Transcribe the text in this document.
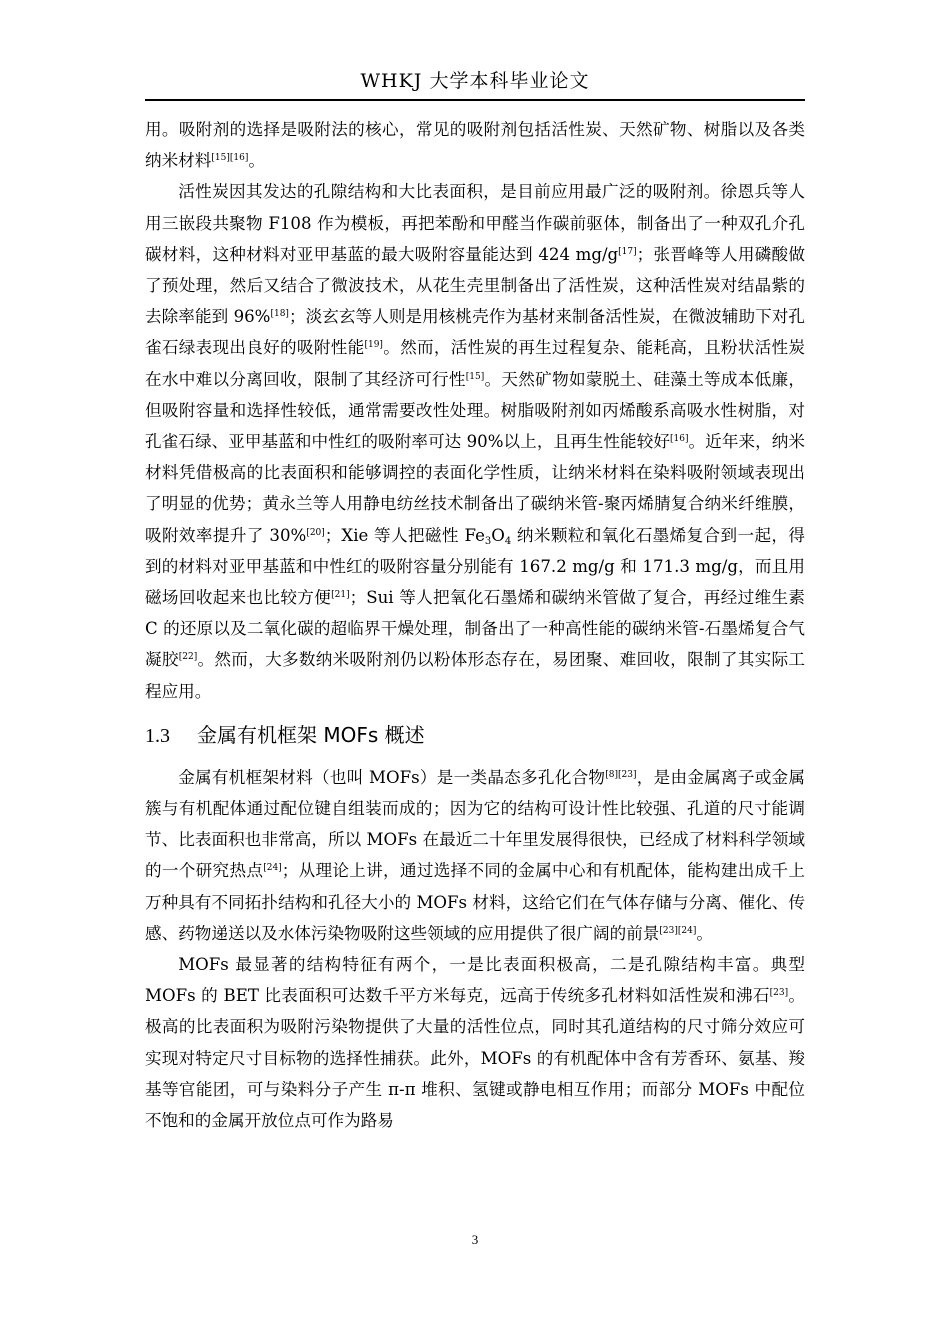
WHKJ 大学本科毕业论文

用。吸附剂的选择是吸附法的核心，常见的吸附剂包括活性炭、天然矿物、树脂以及各类纳米材料[15][16]。

活性炭因其发达的孔隙结构和大比表面积，是目前应用最广泛的吸附剂。徐恩兵等人用三嵌段共聚物 F108 作为模板，再把苯酚和甲醛当作碳前驱体，制备出了一种双孔介孔碳材料，这种材料对亚甲基蓝的最大吸附容量能达到 424 mg/g[17]；张晋峰等人用磷酸做了预处理，然后又结合了微波技术，从花生壳里制备出了活性炭，这种活性炭对结晶紫的去除率能到 96%[18]；淡玄玄等人则是用核桃壳作为基材来制备活性炭，在微波辅助下对孔雀石绿表现出良好的吸附性能[19]。然而，活性炭的再生过程复杂、能耗高，且粉状活性炭在水中难以分离回收，限制了其经济可行性[15]。天然矿物如蒙脱土、硅藻土等成本低廉，但吸附容量和选择性较低，通常需要改性处理。树脂吸附剂如丙烯酸系高吸水性树脂，对孔雀石绿、亚甲基蓝和中性红的吸附率可达 90%以上，且再生性能较好[16]。近年来，纳米材料凭借极高的比表面积和能够调控的表面化学性质，让纳米材料在染料吸附领域表现出了明显的优势；黄永兰等人用静电纺丝技术制备出了碳纳米管-聚丙烯腈复合纳米纤维膜，吸附效率提升了 30%[20]；Xie 等人把磁性 $Fe_3O_4$ 纳米颗粒和氧化石墨烯复合到一起，得到的材料对亚甲基蓝和中性红的吸附容量分别能有 167.2 mg/g 和 171.3 mg/g，而且用磁场回收起来也比较方便[21]；Sui 等人把氧化石墨烯和碳纳米管做了复合，再经过维生素 C 的还原以及二氧化碳的超临界干燥处理，制备出了一种高性能的碳纳米管-石墨烯复合气凝胶[22]。然而，大多数纳米吸附剂仍以粉体形态存在，易团聚、难回收，限制了其实际工程应用。

1.3 金属有机框架 MOFs 概述

金属有机框架材料（也叫 MOFs）是一类晶态多孔化合物[8][23]，是由金属离子或金属簇与有机配体通过配位键自组装而成的；因为它的结构可设计性比较强、孔道的尺寸能调节、比表面积也非常高，所以 MOFs 在最近二十年里发展得很快，已经成了材料科学领域的一个研究热点[24]；从理论上讲，通过选择不同的金属中心和有机配体，能构建出成千上万种具有不同拓扑结构和孔径大小的 MOFs 材料，这给它们在气体存储与分离、催化、传感、药物递送以及水体污染物吸附这些领域的应用提供了很广阔的前景[23][24]。

MOFs 最显著的结构特征有两个，一是比表面积极高，二是孔隙结构丰富。典型 MOFs 的 BET 比表面积可达数千平方米每克，远高于传统多孔材料如活性炭和沸石[23]。极高的比表面积为吸附污染物提供了大量的活性位点，同时其孔道结构的尺寸筛分效应可实现对特定尺寸目标物的选择性捕获。此外，MOFs 的有机配体中含有芳香环、氨基、羧基等官能团，可与染料分子产生 π-π 堆积、氢键或静电相互作用；而部分 MOFs 中配位不饱和的金属开放位点可作为路易

3
